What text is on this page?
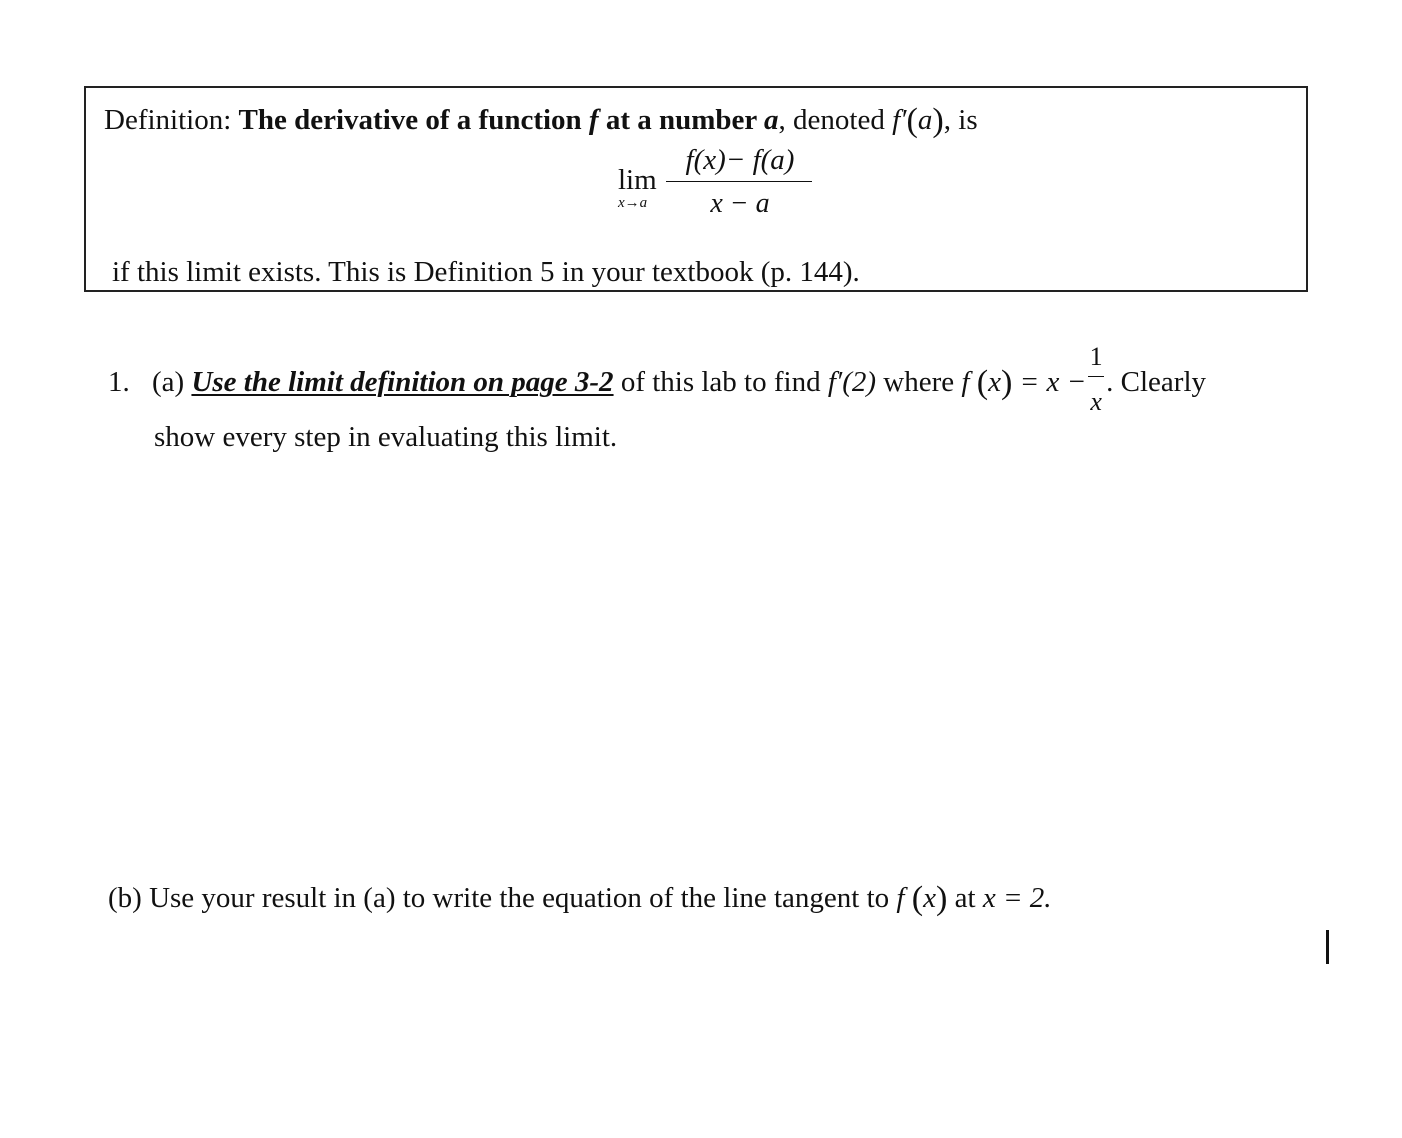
Definition: The derivative of a function f at a number a, denoted f′(a), is
lim
x→a
f(x)− f(a)
x − a
if this limit exists. This is Definition 5 in your textbook (p. 144).
1. (a) Use the limit definition on page 3-2 of this lab to find f′(2) where f $(x) = x - \frac{1}{x}$ . Clearly
show every step in evaluating this limit.
(b) Use your result in (a) to write the equation of the line tangent to f (x) at x = 2.
